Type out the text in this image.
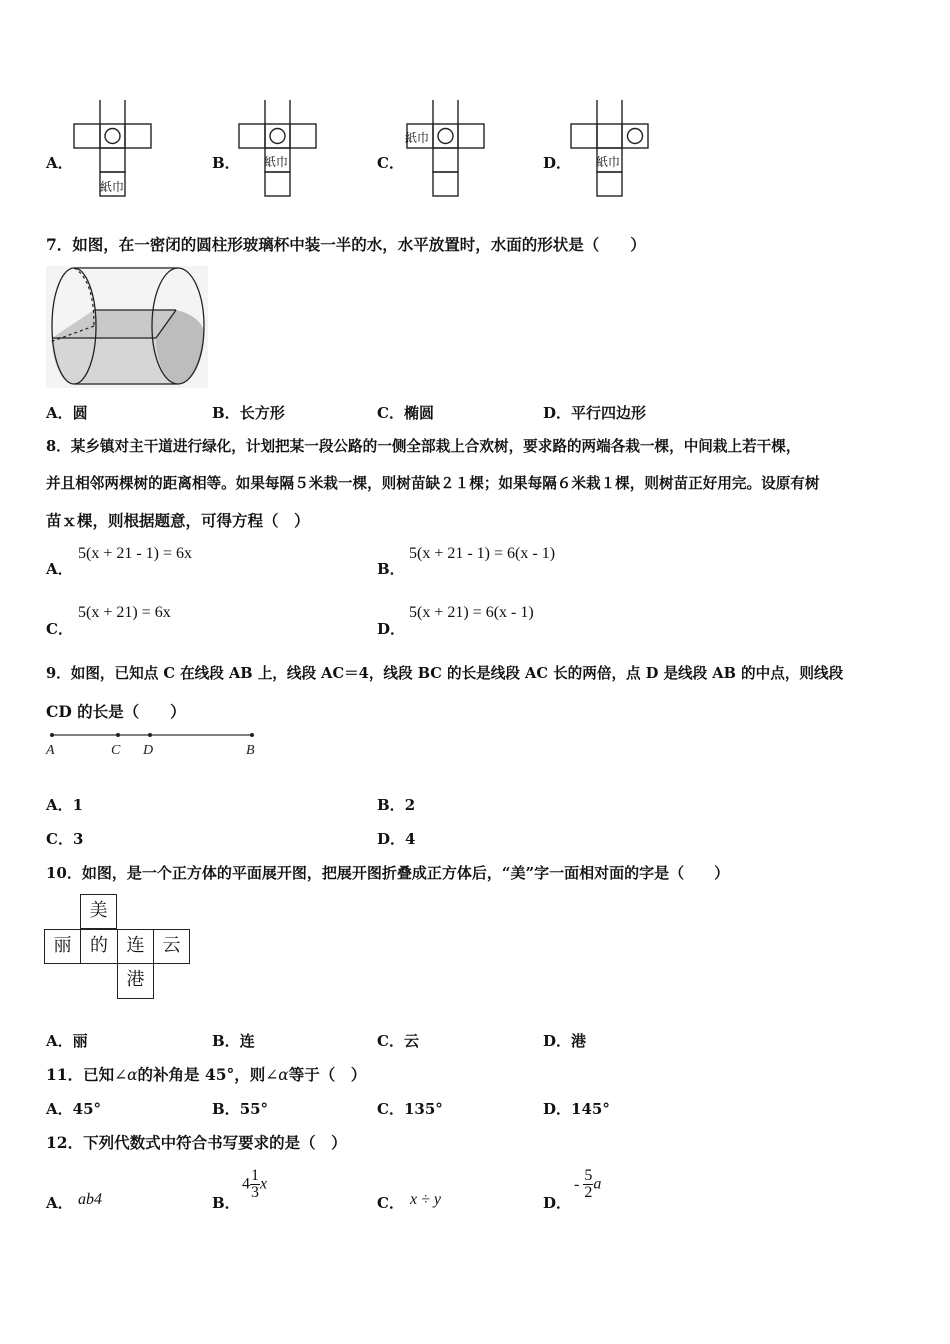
A．
紙巾
B． 紙巾	C．
紙巾
D． 紙巾
7．如图，在一密闭的圆柱形玻璃杯中装一半的水，水平放置时，水面的形状是（　　）
A．圆	B．长方形	C．椭圆	D．平行四边形
8．某乡镇对主干道进行绿化，计划把某一段公路的一侧全部栽上合欢树，要求路的两端各栽一棵，中间栽上若干棵，
并且相邻两棵树的距离相等。如果每隔５米栽一棵，则树苗缺２１棵；如果每隔６米栽１棵，则树苗正好用完。设原有树
苗ｘ棵，则根据题意，可得方程（　）
A．
5(x + 21 - 1) = 6x
B．
5(x + 21 - 1) = 6(x - 1)
C．
5(x + 21) = 6x
D．
5(x + 21) = 6(x - 1)
9．如图，已知点 C 在线段 AB 上，线段 AC＝4，线段 BC 的长是线段 AC 长的两倍，点 D 是线段 AB 的中点，则线段
CD 的长是（　　）
A	C D	B
A．1	B．2
C．3	D．4
10．如图，是一个正方体的平面展开图，把展开图折叠成正方体后，“美”字一面相对面的字是（　　）
美
丽	的	连	云
港
A．丽	B．连	C．云	D．港
11．已知∠α的补角是 45°，则∠α等于（　）
A．45°	B．55°	C．135°	D．145°
12．下列代数式中符合书写要求的是（　）
A． ab4	B．
$4 \frac{1}{3}$ x
C． x ÷ y	D．
- $\frac{5}{2}$ a
